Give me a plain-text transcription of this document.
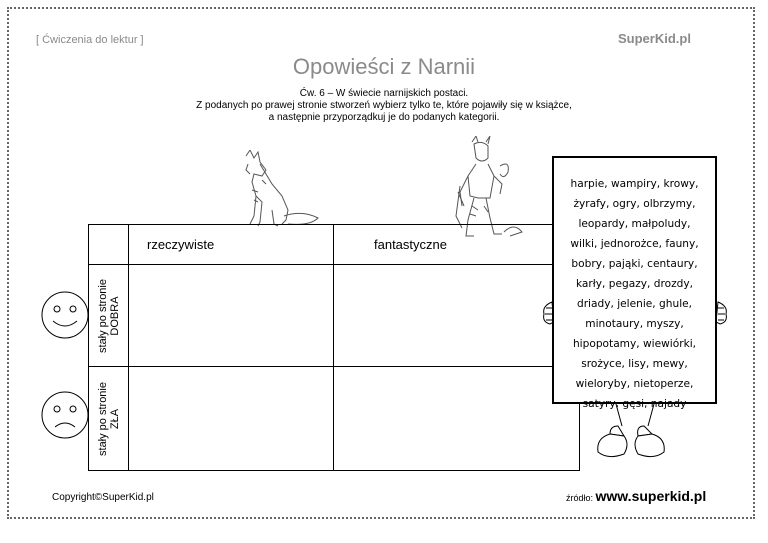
[ Ćwiczenia do lektur ]	SuperKid.pl
Opowieści z Narnii
Ćw. 6 – W świecie narnijskich postaci.
Z podanych po prawej stronie stworzeń wybierz tylko te, które pojawiły się w książce,
a następnie przyporządkuj je do podanych kategorii.
	rzeczywiste	fantastyczne

stały po stronie DOBRA		

stały po stronie ZŁA		

harpie, wampiry, krowy,
żyrafy, ogry, olbrzymy,
leopardy, małpoludy,
wilki, jednorożce, fauny,
bobry, pająki, centaury,
karły, pegazy, drozdy,
driady, jelenie, ghule,
minotaury, myszy,
hipopotamy, wiewiórki,
srożyce, lisy, mewy,
wieloryby, nietoperze,
satyry, gęsi, najady
Copyright©SuperKid.pl	źródło: www.superkid.pl
